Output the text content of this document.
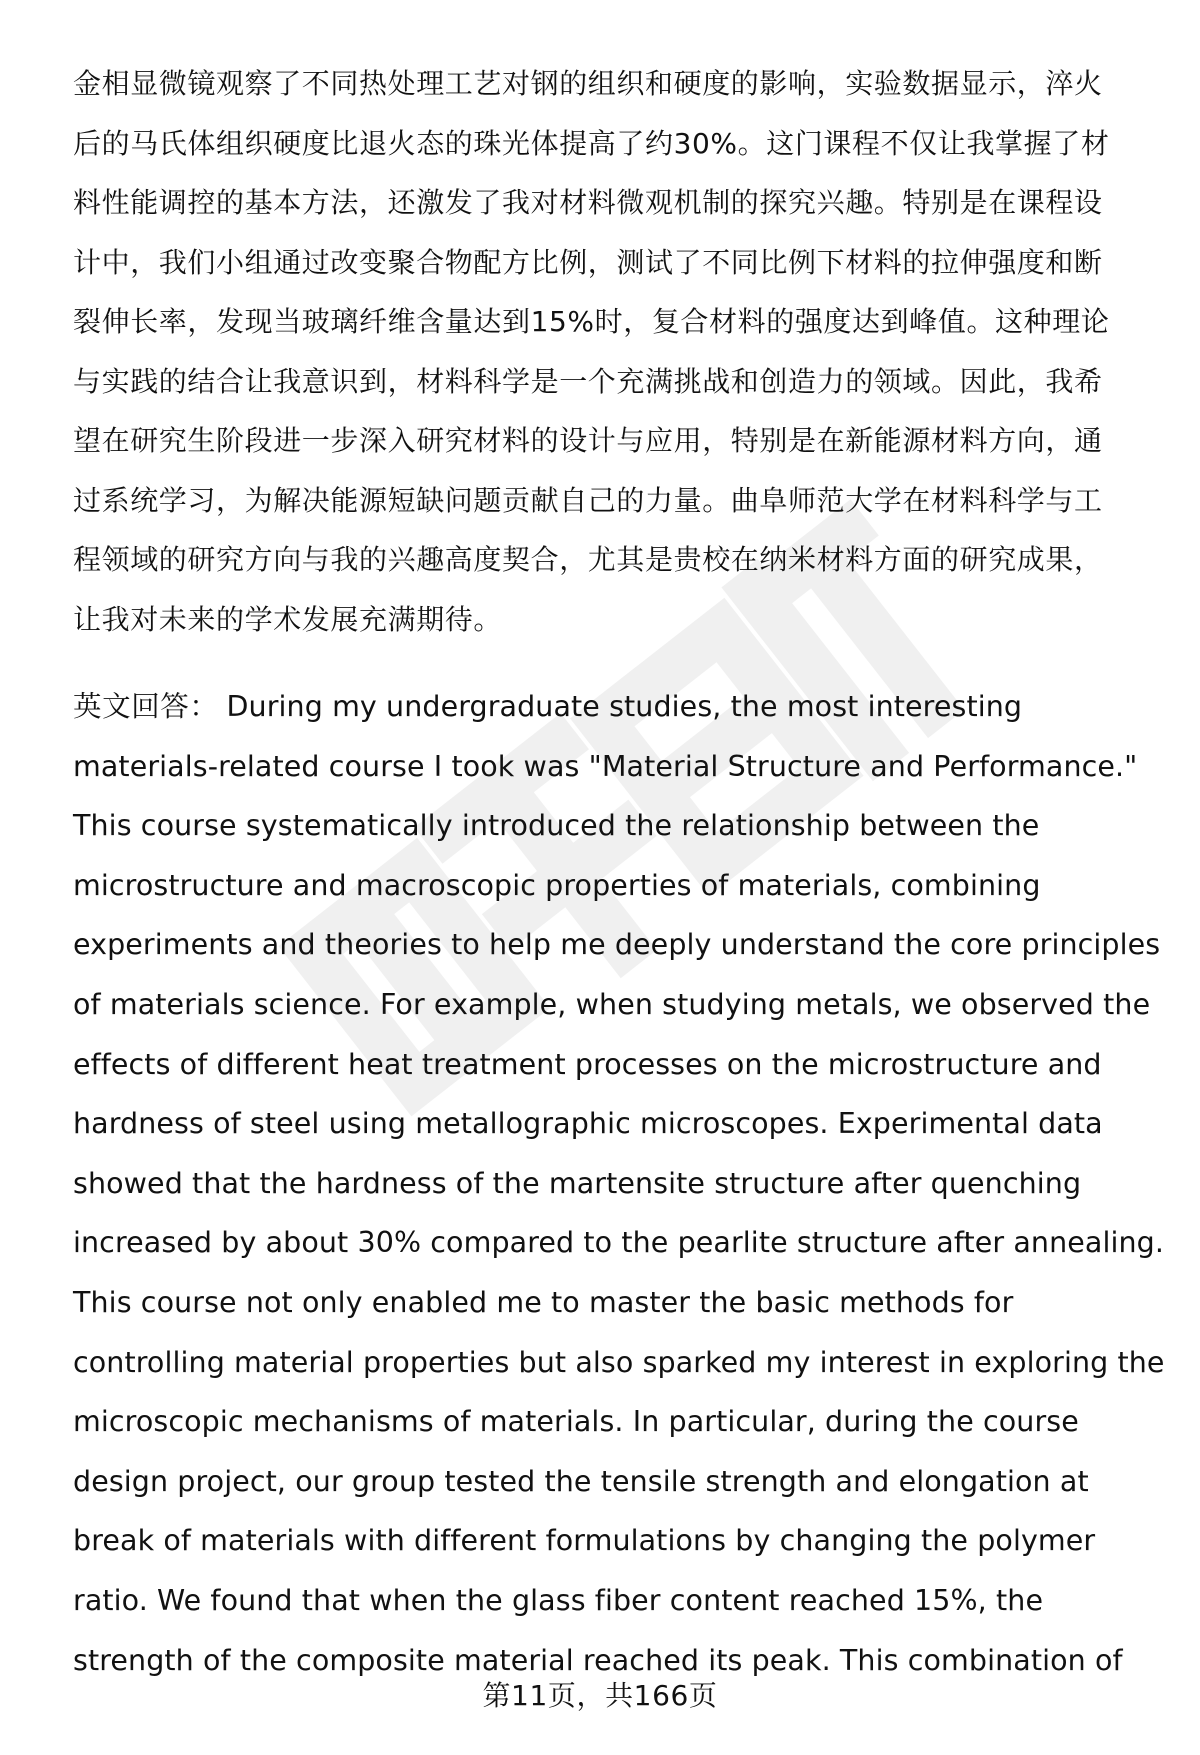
金相显微镜观察了不同热处理工艺对钢的组织和硬度的影响，实验数据显示，淬火
后的马氏体组织硬度比退火态的珠光体提高了约30%。这门课程不仅让我掌握了材
料性能调控的基本方法，还激发了我对材料微观机制的探究兴趣。特别是在课程设
计中，我们小组通过改变聚合物配方比例，测试了不同比例下材料的拉伸强度和断
裂伸长率，发现当玻璃纤维含量达到15%时，复合材料的强度达到峰值。这种理论
与实践的结合让我意识到，材料科学是一个充满挑战和创造力的领域。因此，我希
望在研究生阶段进一步深入研究材料的设计与应用，特别是在新能源材料方向，通
过系统学习，为解决能源短缺问题贡献自己的力量。曲阜师范大学在材料科学与工
程领域的研究方向与我的兴趣高度契合，尤其是贵校在纳米材料方面的研究成果，
让我对未来的学术发展充满期待。
英文回答： During my undergraduate studies, the most interesting
materials-related course I took was "Material Structure and Performance."
This course systematically introduced the relationship between the
microstructure and macroscopic properties of materials, combining
experiments and theories to help me deeply understand the core principles
of materials science. For example, when studying metals, we observed the
effects of different heat treatment processes on the microstructure and
hardness of steel using metallographic microscopes. Experimental data
showed that the hardness of the martensite structure after quenching
increased by about 30% compared to the pearlite structure after annealing.
This course not only enabled me to master the basic methods for
controlling material properties but also sparked my interest in exploring the
microscopic mechanisms of materials. In particular, during the course
design project, our group tested the tensile strength and elongation at
break of materials with different formulations by changing the polymer
ratio. We found that when the glass fiber content reached 15%, the
strength of the composite material reached its peak. This combination of
第11页，共166页
